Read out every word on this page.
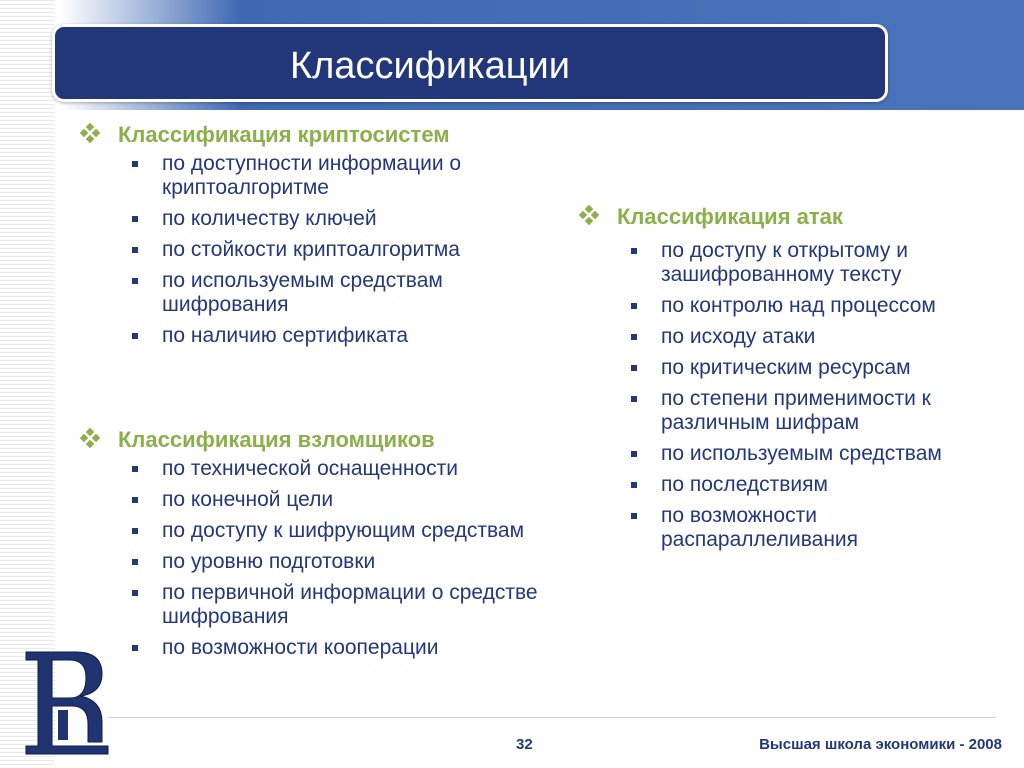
Классификации
Классификация криптосистем
по доступности информации о криптоалгоритме
по количеству ключей
по стойкости криптоалгоритма
по используемым средствам шифрования
по наличию сертификата
Классификация взломщиков
по технической оснащенности
по конечной цели
по доступу к шифрующим средствам
по уровню подготовки
по первичной информации о средстве шифрования
по возможности кооперации
Классификация атак
по доступу к открытому и зашифрованному тексту
по контролю над процессом
по исходу атаки
по критическим ресурсам
по степени применимости к различным шифрам
по используемым средствам
по последствиям
по возможности распараллеливания
32	Высшая школа экономики - 2008
